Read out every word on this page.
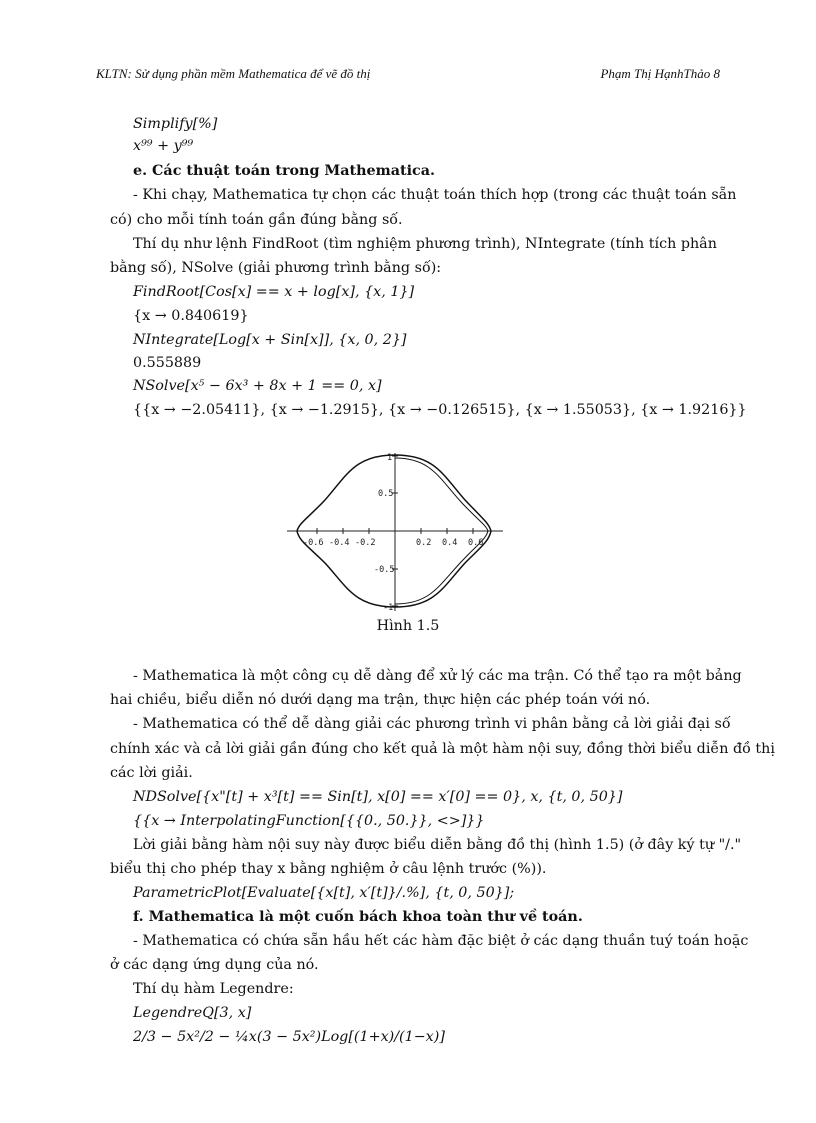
KLTN: Sử dụng phần mềm Mathematica để vẽ đồ thị	Phạm Thị HạnhThảo 8
Simplify[%]
x⁹⁹ + y⁹⁹
e. Các thuật toán trong Mathematica.
- Khi chạy, Mathematica tự chọn các thuật toán thích hợp (trong các thuật toán sẵn
có) cho mỗi tính toán gần đúng bằng số.
Thí dụ như lệnh FindRoot (tìm nghiệm phương trình), NIntegrate (tính tích phân
bằng số), NSolve (giải phương trình bằng số):
FindRoot[Cos[x] == x + log[x], {x, 1}]
{x → 0.840619}
NIntegrate[Log[x + Sin[x]], {x, 0, 2}]
0.555889
NSolve[x⁵ − 6x³ + 8x + 1 == 0, x]
{{x → −2.05411}, {x → −1.2915}, {x → −0.126515}, {x → 1.55053}, {x → 1.9216}}
-0.6 -0.4 -0.2	0.2 0.4 0.6
0.5
-0.5
1
-1
Hình 1.5
- Mathematica là một công cụ dễ dàng để xử lý các ma trận. Có thể tạo ra một bảng
hai chiều, biểu diễn nó dưới dạng ma trận, thực hiện các phép toán với nó.
- Mathematica có thể dễ dàng giải các phương trình vi phân bằng cả lời giải đại số
chính xác và cả lời giải gần đúng cho kết quả là một hàm nội suy, đồng thời biểu diễn đồ thị
các lời giải.
NDSolve[{x"[t] + x³[t] == Sin[t], x[0] == x′[0] == 0}, x, {t, 0, 50}]
{{x → InterpolatingFunction[{{0., 50.}}, <>]}}
Lời giải bằng hàm nội suy này được biểu diễn bằng đồ thị (hình 1.5) (ở đây ký tự "/."
biểu thị cho phép thay x bằng nghiệm ở câu lệnh trước (%)).
ParametricPlot[Evaluate[{x[t], x′[t]}/.%], {t, 0, 50}];
f. Mathematica là một cuốn bách khoa toàn thư về toán.
- Mathematica có chứa sẵn hầu hết các hàm đặc biệt ở các dạng thuần tuý toán hoặc
ở các dạng ứng dụng của nó.
Thí dụ hàm Legendre:
LegendreQ[3, x]
2/3 − 5x²/2 − ¼x(3 − 5x²)Log[(1+x)/(1−x)]
